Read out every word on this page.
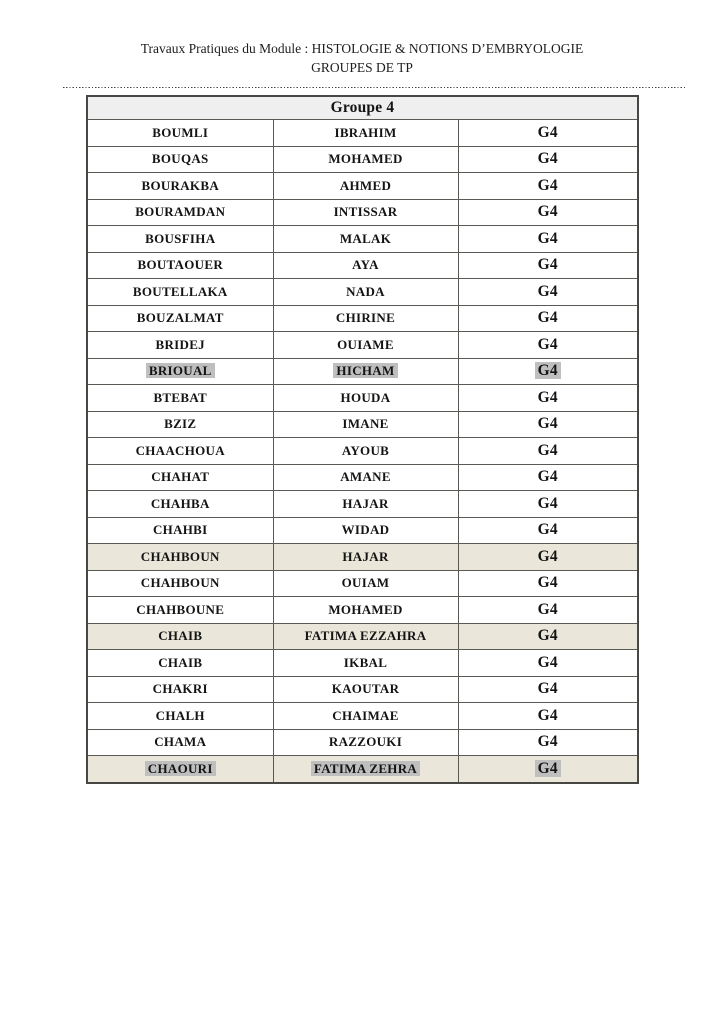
Travaux Pratiques du Module : HISTOLOGIE & NOTIONS D’EMBRYOLOGIE
GROUPES DE TP
Groupe 4		
BOUMLI	IBRAHIM	G4
BOUQAS	MOHAMED	G4
BOURAKBA	AHMED	G4
BOURAMDAN	INTISSAR	G4
BOUSFIHA	MALAK	G4
BOUTAOUER	AYA	G4
BOUTELLAKA	NADA	G4
BOUZALMAT	CHIRINE	G4
BRIDEJ	OUIAME	G4
BRIOUAL	HICHAM	G4
BTEBAT	HOUDA	G4
BZIZ	IMANE	G4
CHAACHOUA	AYOUB	G4
CHAHAT	AMANE	G4
CHAHBA	HAJAR	G4
CHAHBI	WIDAD	G4
CHAHBOUN	HAJAR	G4
CHAHBOUN	OUIAM	G4
CHAHBOUNE	MOHAMED	G4
CHAIB	FATIMA EZZAHRA	G4
CHAIB	IKBAL	G4
CHAKRI	KAOUTAR	G4
CHALH	CHAIMAE	G4
CHAMA	RAZZOUKI	G4
CHAOURI	FATIMA ZEHRA	G4
